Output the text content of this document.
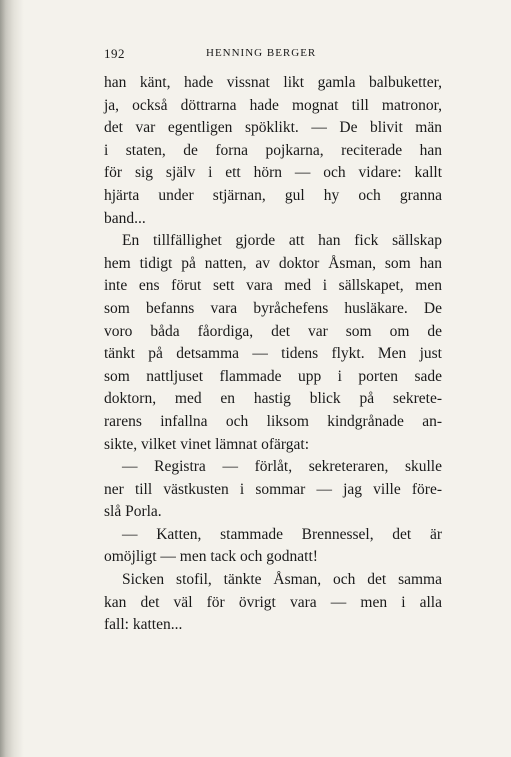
192	HENNING BERGER
han känt, hade vissnat likt gamla balbuketter,
ja, också döttrarna hade mognat till matronor,
det var egentligen spöklikt. — De blivit män
i staten, de forna pojkarna, reciterade han
för sig själv i ett hörn — och vidare: kallt
hjärta under stjärnan, gul hy och granna
band...
En tillfällighet gjorde att han fick sällskap
hem tidigt på natten, av doktor Åsman, som han
inte ens förut sett vara med i sällskapet, men
som befanns vara byråchefens husläkare. De
voro båda fåordiga, det var som om de
tänkt på detsamma — tidens flykt. Men just
som nattljuset flammade upp i porten sade
doktorn, med en hastig blick på sekrete-
rarens infallna och liksom kindgrånade an-
sikte, vilket vinet lämnat ofärgat:
— Registra — förlåt, sekreteraren, skulle
ner till västkusten i sommar — jag ville före-
slå Porla.
— Katten, stammade Brennessel, det är
omöjligt — men tack och godnatt!
Sicken stofil, tänkte Åsman, och det samma
kan det väl för övrigt vara — men i alla
fall: katten...
